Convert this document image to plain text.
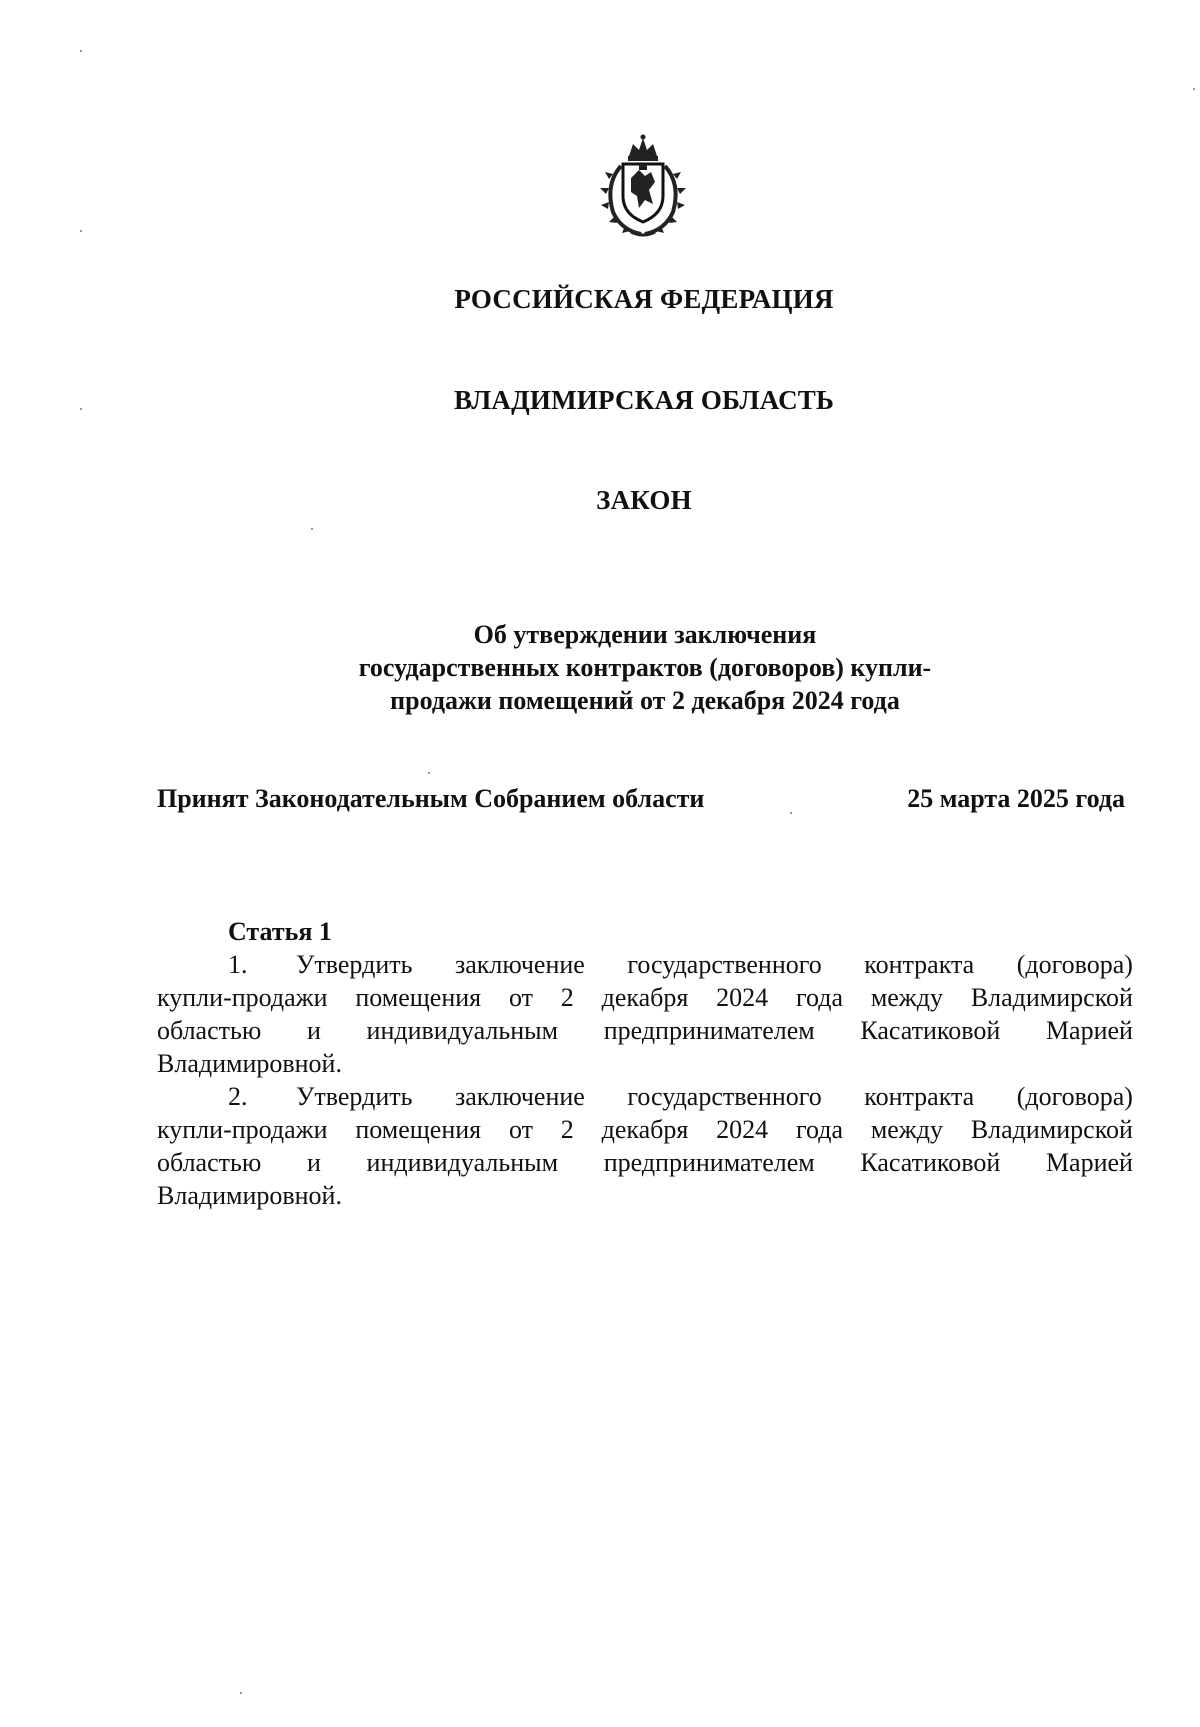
РОССИЙСКАЯ ФЕДЕРАЦИЯ
ВЛАДИМИРСКАЯ ОБЛАСТЬ
ЗАКОН
Об утверждении заключения
государственных контрактов (договоров) купли-
продажи помещений от 2 декабря 2024 года
Принят Законодательным Собранием области	25 марта 2025 года

Статья 1

1.	Утвердить заключение государственного контракта (договора)
купли-продажи помещения от 2 декабря 2024 года между Владимирской
областью и индивидуальным предпринимателем Касатиковой Марией
Владимировной.
2.	Утвердить заключение государственного контракта (договора)
купли-продажи помещения от 2 декабря 2024 года между Владимирской
областью и индивидуальным предпринимателем Касатиковой Марией
Владимировной.
